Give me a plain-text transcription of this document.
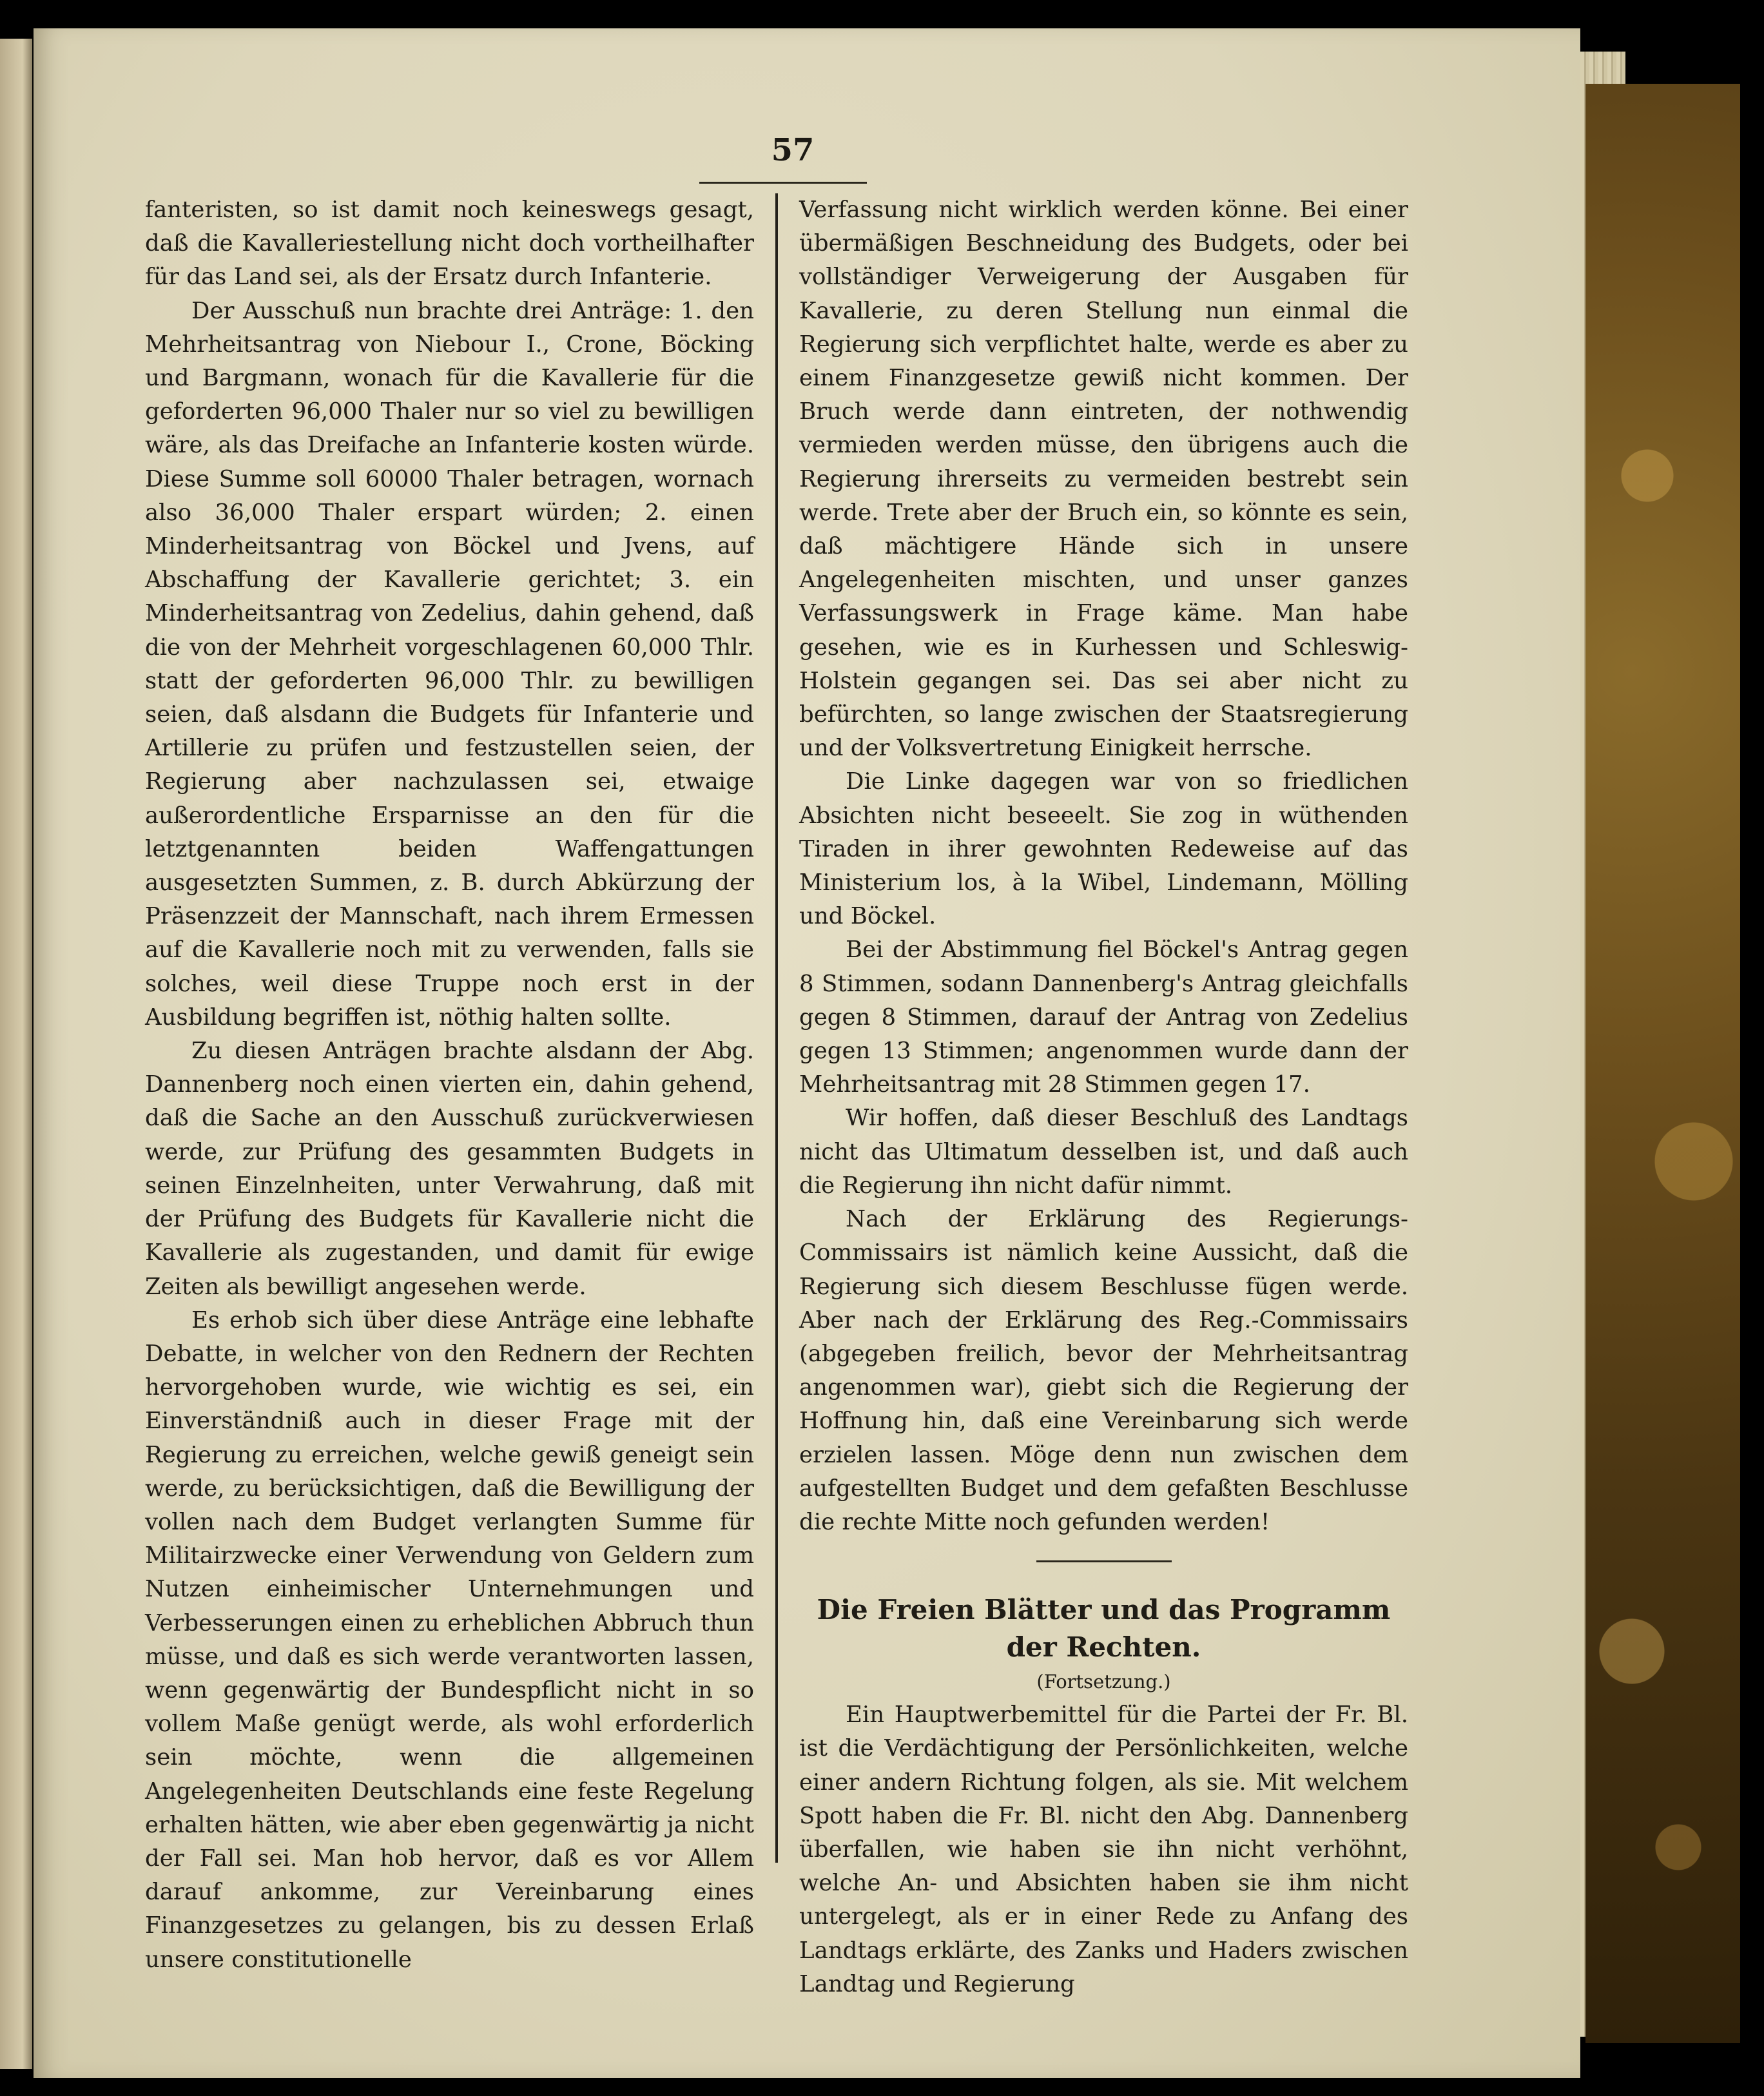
57

fanteristen, so ist damit noch keineswegs gesagt, daß die Kavalleriestellung nicht doch vortheilhafter für das Land sei, als der Ersatz durch Infanterie.

Der Ausschuß nun brachte drei Anträge: 1. den Mehrheitsantrag von Niebour I., Crone, Böcking und Bargmann, wonach für die Kavallerie für die geforderten 96,000 Thaler nur so viel zu bewilligen wäre, als das Dreifache an Infanterie kosten würde. Diese Summe soll 60000 Thaler betragen, wornach also 36,000 Thaler erspart würden; 2. einen Minderheitsantrag von Böckel und Jvens, auf Abschaffung der Kavallerie gerichtet; 3. ein Minderheitsantrag von Zedelius, dahin gehend, daß die von der Mehrheit vorgeschlagenen 60,000 Thlr. statt der geforderten 96,000 Thlr. zu bewilligen seien, daß alsdann die Budgets für Infanterie und Artillerie zu prüfen und festzustellen seien, der Regierung aber nachzulassen sei, etwaige außerordentliche Ersparnisse an den für die letztgenannten beiden Waffengattungen ausgesetzten Summen, z. B. durch Abkürzung der Präsenzzeit der Mannschaft, nach ihrem Ermessen auf die Kavallerie noch mit zu verwenden, falls sie solches, weil diese Truppe noch erst in der Ausbildung begriffen ist, nöthig halten sollte.

Zu diesen Anträgen brachte alsdann der Abg. Dannenberg noch einen vierten ein, dahin gehend, daß die Sache an den Ausschuß zurückverwiesen werde, zur Prüfung des gesammten Budgets in seinen Einzelnheiten, unter Verwahrung, daß mit der Prüfung des Budgets für Kavallerie nicht die Kavallerie als zugestanden, und damit für ewige Zeiten als bewilligt angesehen werde.

Es erhob sich über diese Anträge eine lebhafte Debatte, in welcher von den Rednern der Rechten hervorgehoben wurde, wie wichtig es sei, ein Einverständniß auch in dieser Frage mit der Regierung zu erreichen, welche gewiß geneigt sein werde, zu berücksichtigen, daß die Bewilligung der vollen nach dem Budget verlangten Summe für Militairzwecke einer Verwendung von Geldern zum Nutzen einheimischer Unternehmungen und Verbesserungen einen zu erheblichen Abbruch thun müsse, und daß es sich werde verantworten lassen, wenn gegenwärtig der Bundespflicht nicht in so vollem Maße genügt werde, als wohl erforderlich sein möchte, wenn die allgemeinen Angelegenheiten Deutschlands eine feste Regelung erhalten hätten, wie aber eben gegenwärtig ja nicht der Fall sei. Man hob hervor, daß es vor Allem darauf ankomme, zur Vereinbarung eines Finanzgesetzes zu gelangen, bis zu dessen Erlaß unsere constitutionelle

Verfassung nicht wirklich werden könne. Bei einer übermäßigen Beschneidung des Budgets, oder bei vollständiger Verweigerung der Ausgaben für Kavallerie, zu deren Stellung nun einmal die Regierung sich verpflichtet halte, werde es aber zu einem Finanzgesetze gewiß nicht kommen. Der Bruch werde dann eintreten, der nothwendig vermieden werden müsse, den übrigens auch die Regierung ihrerseits zu vermeiden bestrebt sein werde. Trete aber der Bruch ein, so könnte es sein, daß mächtigere Hände sich in unsere Angelegenheiten mischten, und unser ganzes Verfassungswerk in Frage käme. Man habe gesehen, wie es in Kurhessen und Schleswig-Holstein gegangen sei. Das sei aber nicht zu befürchten, so lange zwischen der Staatsregierung und der Volksvertretung Einigkeit herrsche.

Die Linke dagegen war von so friedlichen Absichten nicht beseeelt. Sie zog in wüthenden Tiraden in ihrer gewohnten Redeweise auf das Ministerium los, à la Wibel, Lindemann, Mölling und Böckel.

Bei der Abstimmung fiel Böckel's Antrag gegen 8 Stimmen, sodann Dannenberg's Antrag gleichfalls gegen 8 Stimmen, darauf der Antrag von Zedelius gegen 13 Stimmen; angenommen wurde dann der Mehrheitsantrag mit 28 Stimmen gegen 17.

Wir hoffen, daß dieser Beschluß des Landtags nicht das Ultimatum desselben ist, und daß auch die Regierung ihn nicht dafür nimmt.

Nach der Erklärung des Regierungs-Commissairs ist nämlich keine Aussicht, daß die Regierung sich diesem Beschlusse fügen werde. Aber nach der Erklärung des Reg.-Commissairs (abgegeben freilich, bevor der Mehrheitsantrag angenommen war), giebt sich die Regierung der Hoffnung hin, daß eine Vereinbarung sich werde erzielen lassen. Möge denn nun zwischen dem aufgestellten Budget und dem gefaßten Beschlusse die rechte Mitte noch gefunden werden!

Die Freien Blätter und das Programm der Rechten.
(Fortsetzung.)

Ein Hauptwerbemittel für die Partei der Fr. Bl. ist die Verdächtigung der Persönlichkeiten, welche einer andern Richtung folgen, als sie. Mit welchem Spott haben die Fr. Bl. nicht den Abg. Dannenberg überfallen, wie haben sie ihn nicht verhöhnt, welche An- und Absichten haben sie ihm nicht untergelegt, als er in einer Rede zu Anfang des Landtags erklärte, des Zanks und Haders zwischen Landtag und Regierung
